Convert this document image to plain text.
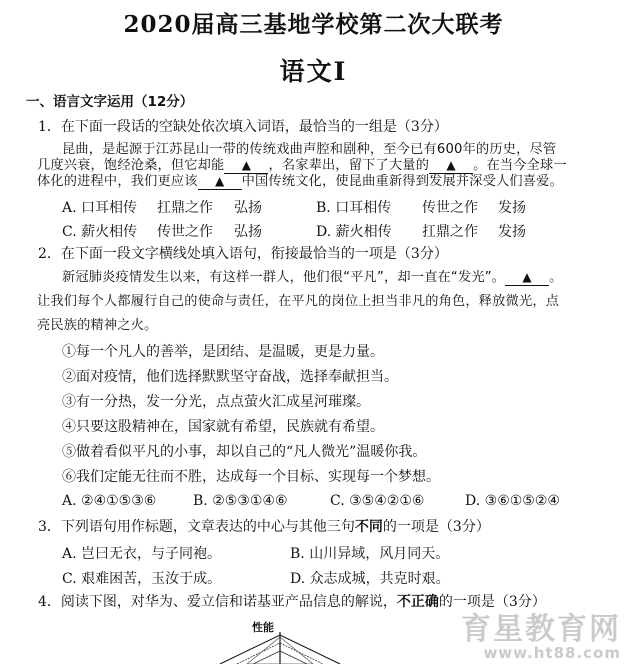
2020届高三基地学校第二次大联考
语文Ⅰ
一、语言文字运用（12分）
1．在下面一段话的空缺处依次填入词语，最恰当的一组是（3分）
昆曲，是起源于江苏昆山一带的传统戏曲声腔和剧种，至今已有600年的历史，尽管
几度兴衰，饱经沧桑，但它却能 ▲ ，名家辈出，留下了大量的 ▲ 。在当今全球一
体化的进程中，我们更应该 ▲ 中国传统文化，使昆曲重新得到发展并深受人们喜爱。
A. 口耳相传 扛鼎之作 弘扬	B. 口耳相传 传世之作 发扬
C. 薪火相传 传世之作 弘扬	D. 薪火相传 扛鼎之作 发扬
2．在下面一段文字横线处填入语句，衔接最恰当的一项是（3分）
新冠肺炎疫情发生以来，有这样一群人，他们很“平凡”，却一直在“发光”。 ▲ 。
让我们每个人都履行自己的使命与责任，在平凡的岗位上担当非凡的角色，释放微光，点
亮民族的精神之火。
①每一个凡人的善举，是团结、是温暖，更是力量。
②面对疫情，他们选择默默坚守奋战，选择奉献担当。
③有一分热，发一分光，点点萤火汇成星河璀璨。
④只要这股精神在，国家就有希望，民族就有希望。
⑤做着看似平凡的小事，却以自己的“凡人微光”温暖你我。
⑥我们定能无往而不胜，达成每一个目标、实现每一个梦想。
A. ②④①⑤③⑥	B. ②⑤③①④⑥	C. ③⑤④②①⑥	D. ③⑥①⑤②④
3．下列语句用作标题，文章表达的中心与其他三句不同的一项是（3分）
A. 岂曰无衣，与子同袍。	B. 山川异域，风月同天。
C. 艰难困苦，玉汝于成。	D. 众志成城，共克时艰。
4．阅读下图，对华为、爱立信和诺基亚产品信息的解说，不正确的一项是（3分）
性能	育星教育网
www.ht88.com
